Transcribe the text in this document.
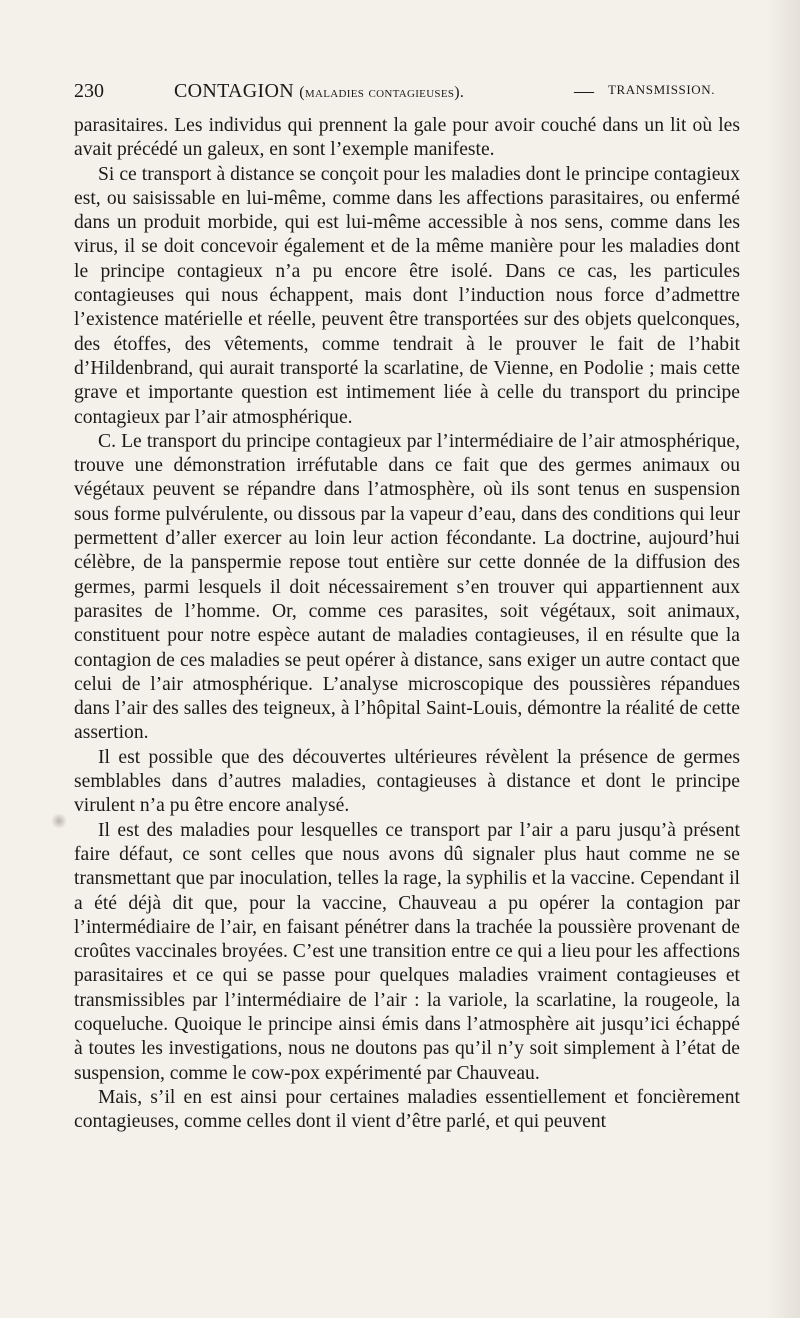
230	CONTAGION (maladies contagieuses).	— TRANSMISSION.

parasitaires. Les individus qui prennent la gale pour avoir couché dans un lit où les avait précédé un galeux, en sont l’exemple manifeste.

Si ce transport à distance se conçoit pour les maladies dont le principe contagieux est, ou saisissable en lui-même, comme dans les affections parasitaires, ou enfermé dans un produit morbide, qui est lui-même accessible à nos sens, comme dans les virus, il se doit concevoir également et de la même manière pour les maladies dont le principe contagieux n’a pu encore être isolé. Dans ce cas, les particules contagieuses qui nous échappent, mais dont l’induction nous force d’admettre l’existence matérielle et réelle, peuvent être transportées sur des objets quelconques, des étoffes, des vêtements, comme tendrait à le prouver le fait de l’habit d’Hildenbrand, qui aurait transporté la scarlatine, de Vienne, en Podolie ; mais cette grave et importante question est intimement liée à celle du transport du principe contagieux par l’air atmosphérique.

C. Le transport du principe contagieux par l’intermédiaire de l’air atmosphérique, trouve une démonstration irréfutable dans ce fait que des germes animaux ou végétaux peuvent se répandre dans l’atmosphère, où ils sont tenus en suspension sous forme pulvérulente, ou dissous par la vapeur d’eau, dans des conditions qui leur permettent d’aller exercer au loin leur action fécondante. La doctrine, aujourd’hui célèbre, de la panspermie repose tout entière sur cette donnée de la diffusion des germes, parmi lesquels il doit nécessairement s’en trouver qui appartiennent aux parasites de l’homme. Or, comme ces parasites, soit végétaux, soit animaux, constituent pour notre espèce autant de maladies contagieuses, il en résulte que la contagion de ces maladies se peut opérer à distance, sans exiger un autre contact que celui de l’air atmosphérique. L’analyse microscopique des poussières répandues dans l’air des salles des teigneux, à l’hôpital Saint-Louis, démontre la réalité de cette assertion.

Il est possible que des découvertes ultérieures révèlent la présence de germes semblables dans d’autres maladies, contagieuses à distance et dont le principe virulent n’a pu être encore analysé.

Il est des maladies pour lesquelles ce transport par l’air a paru jusqu’à présent faire défaut, ce sont celles que nous avons dû signaler plus haut comme ne se transmettant que par inoculation, telles la rage, la syphilis et la vaccine. Cependant il a été déjà dit que, pour la vaccine, Chauveau a pu opérer la contagion par l’intermédiaire de l’air, en faisant pénétrer dans la trachée la poussière provenant de croûtes vaccinales broyées. C’est une transition entre ce qui a lieu pour les affections parasitaires et ce qui se passe pour quelques maladies vraiment contagieuses et transmissibles par l’intermédiaire de l’air : la variole, la scarlatine, la rougeole, la coqueluche. Quoique le principe ainsi émis dans l’atmosphère ait jusqu’ici échappé à toutes les investigations, nous ne doutons pas qu’il n’y soit simplement à l’état de suspension, comme le cow-pox expérimenté par Chauveau.

Mais, s’il en est ainsi pour certaines maladies essentiellement et foncièrement contagieuses, comme celles dont il vient d’être parlé, et qui peuvent
